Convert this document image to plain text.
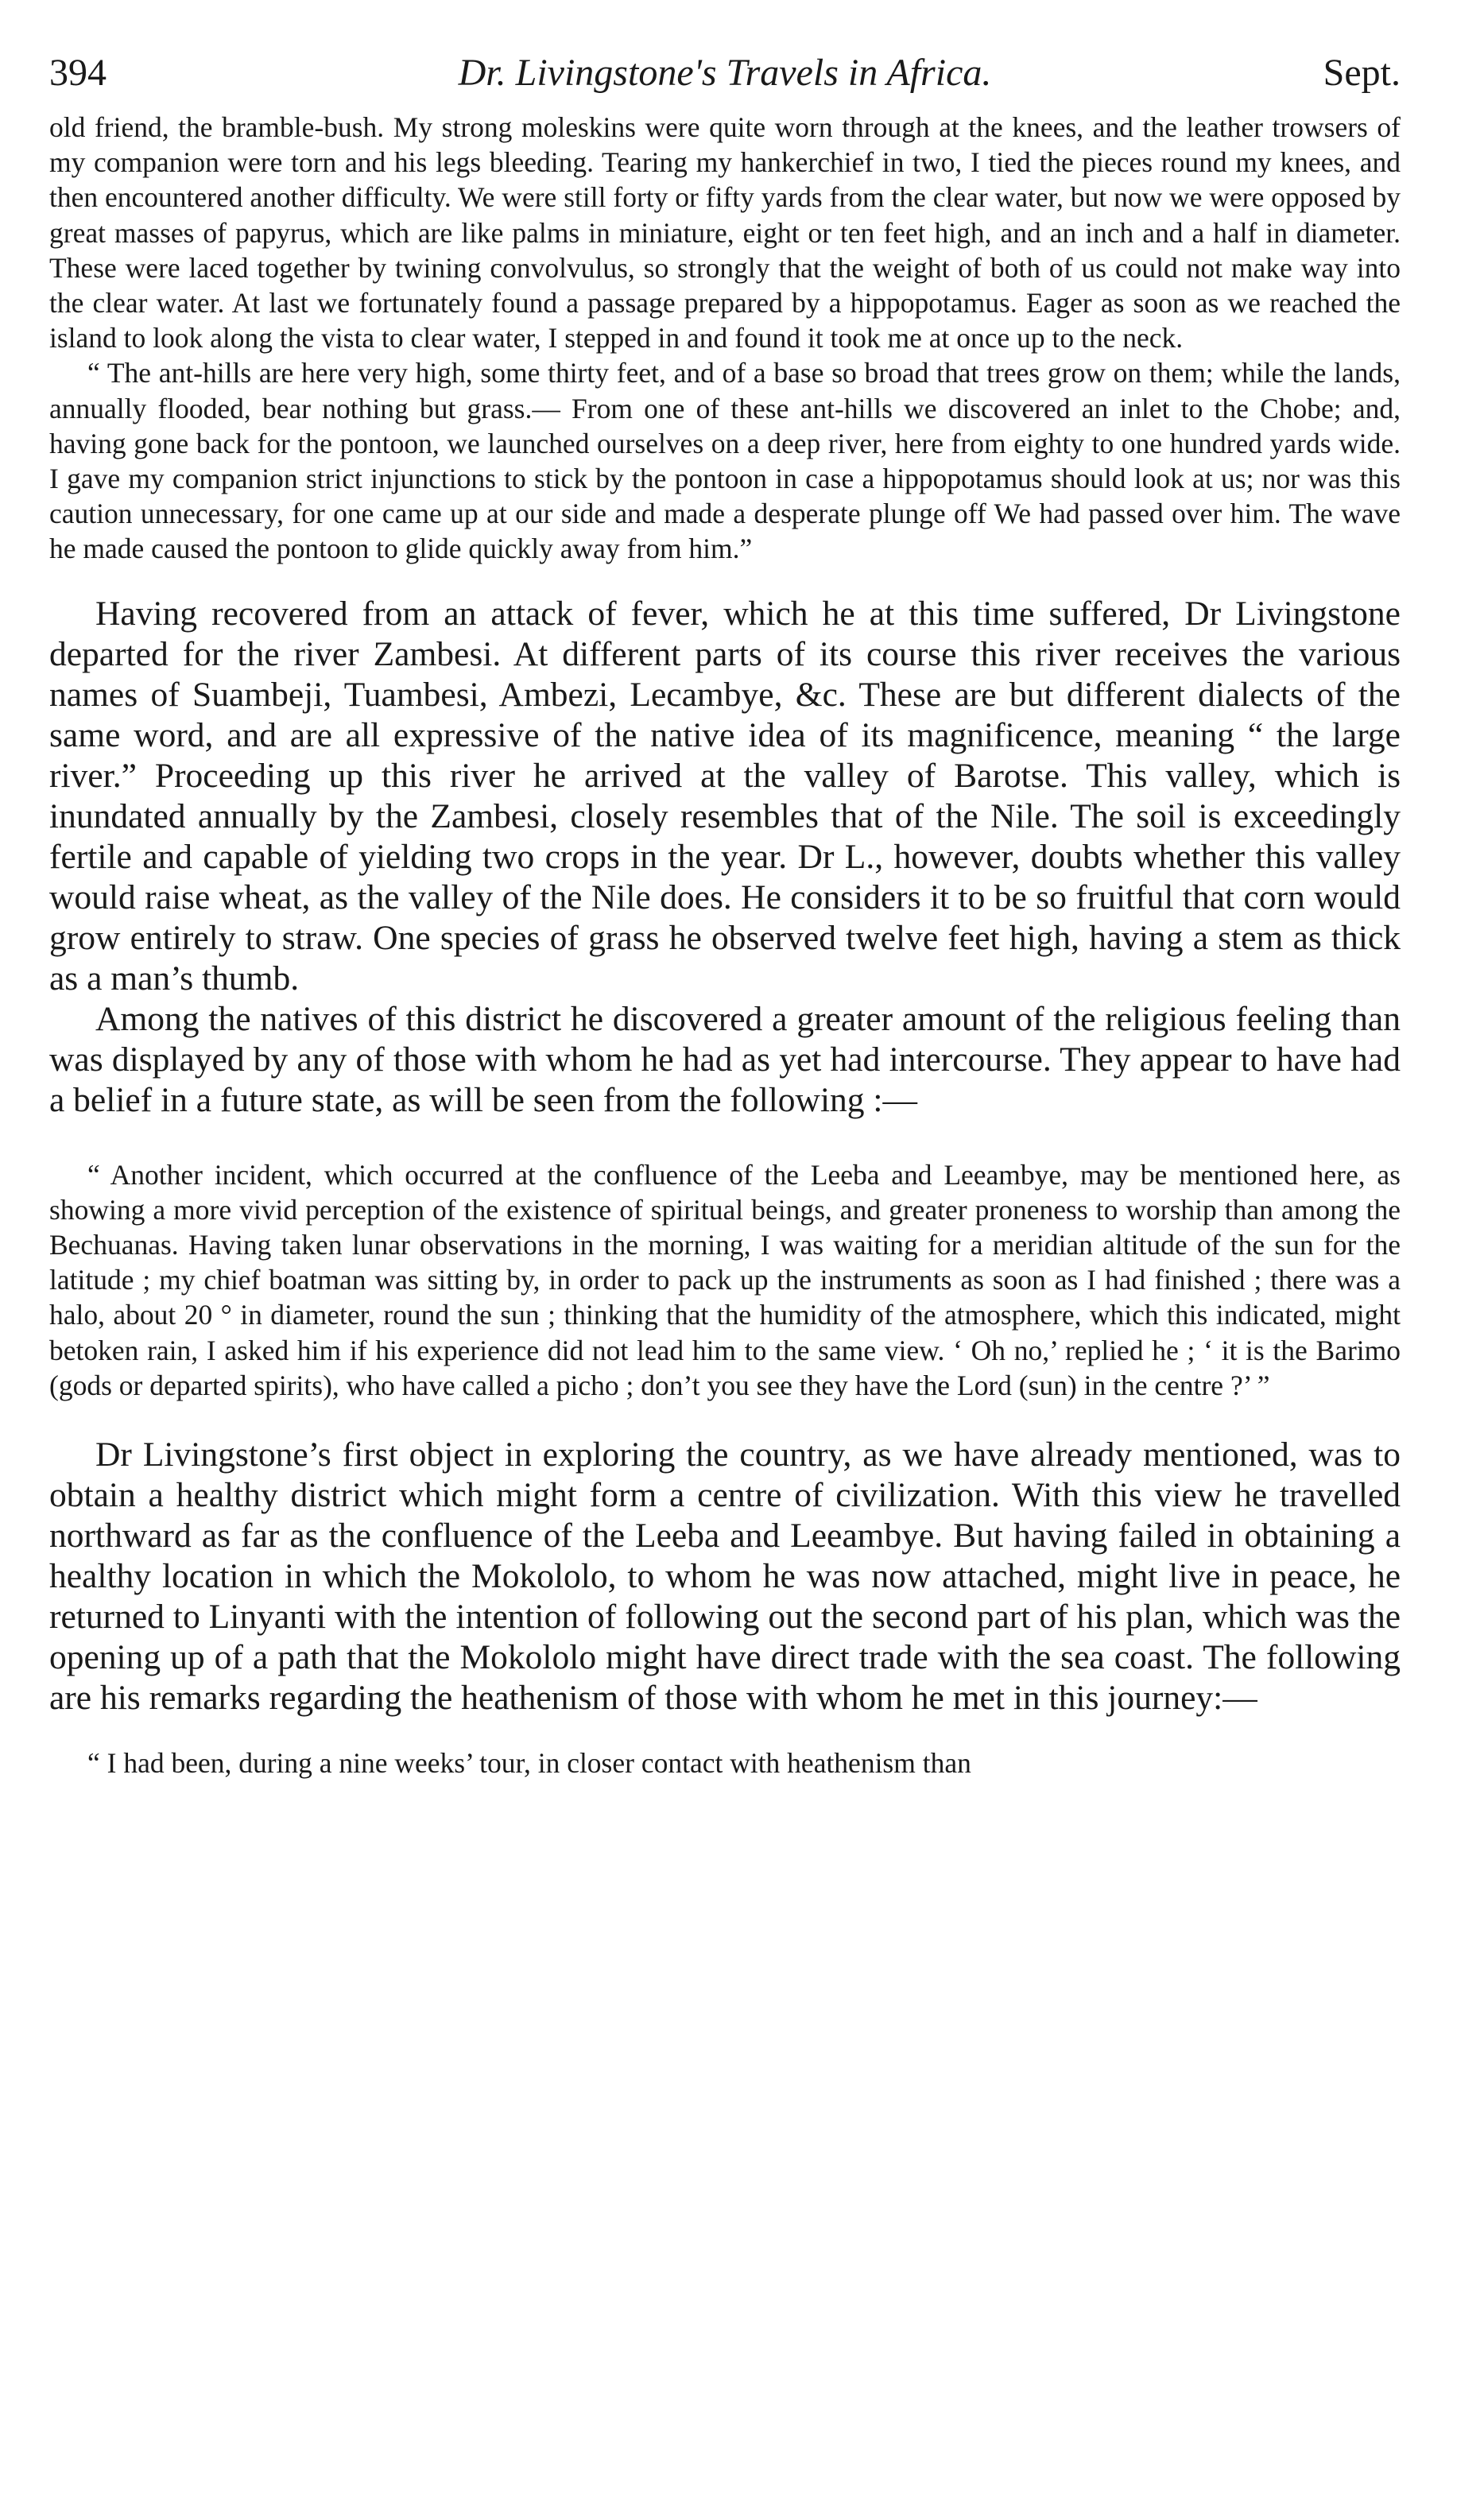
394	Dr. Livingstone's Travels in Africa.	Sept.

old friend, the bramble-bush. My strong moleskins were quite worn through at the knees, and the leather trowsers of my companion were torn and his legs bleeding. Tearing my hankerchief in two, I tied the pieces round my knees, and then encountered another difficulty. We were still forty or fifty yards from the clear water, but now we were opposed by great masses of papyrus, which are like palms in miniature, eight or ten feet high, and an inch and a half in diameter. These were laced together by twining convolvulus, so strongly that the weight of both of us could not make way into the clear water. At last we fortunately found a passage prepared by a hippopotamus. Eager as soon as we reached the island to look along the vista to clear water, I stepped in and found it took me at once up to the neck.

“ The ant-hills are here very high, some thirty feet, and of a base so broad that trees grow on them; while the lands, annually flooded, bear nothing but grass.— From one of these ant-hills we discovered an inlet to the Chobe; and, having gone back for the pontoon, we launched ourselves on a deep river, here from eighty to one hundred yards wide. I gave my companion strict injunctions to stick by the pontoon in case a hippopotamus should look at us; nor was this caution unnecessary, for one came up at our side and made a desperate plunge off We had passed over him. The wave he made caused the pontoon to glide quickly away from him.”

Having recovered from an attack of fever, which he at this time suffered, Dr Livingstone departed for the river Zambesi. At different parts of its course this river receives the various names of Suambeji, Tuambesi, Ambezi, Lecambye, &c. These are but different dialects of the same word, and are all expressive of the native idea of its magnificence, meaning “ the large river.” Proceeding up this river he arrived at the valley of Barotse. This valley, which is inundated annually by the Zambesi, closely resembles that of the Nile. The soil is exceedingly fertile and capable of yielding two crops in the year. Dr L., however, doubts whether this valley would raise wheat, as the valley of the Nile does. He considers it to be so fruitful that corn would grow entirely to straw. One species of grass he observed twelve feet high, having a stem as thick as a man’s thumb.

Among the natives of this district he discovered a greater amount of the religious feeling than was displayed by any of those with whom he had as yet had intercourse. They appear to have had a belief in a future state, as will be seen from the following :—

“ Another incident, which occurred at the confluence of the Leeba and Leeambye, may be mentioned here, as showing a more vivid perception of the existence of spiritual beings, and greater proneness to worship than among the Bechuanas. Having taken lunar observations in the morning, I was waiting for a meridian altitude of the sun for the latitude ; my chief boatman was sitting by, in order to pack up the instruments as soon as I had finished ; there was a halo, about 20 ° in diameter, round the sun ; thinking that the humidity of the atmosphere, which this indicated, might betoken rain, I asked him if his experience did not lead him to the same view. ‘ Oh no,’ replied he ; ‘ it is the Barimo (gods or departed spirits), who have called a picho ; don’t you see they have the Lord (sun) in the centre ?’ ”

Dr Livingstone’s first object in exploring the country, as we have already mentioned, was to obtain a healthy district which might form a centre of civilization. With this view he travelled northward as far as the confluence of the Leeba and Leeambye. But having failed in obtaining a healthy location in which the Mokololo, to whom he was now attached, might live in peace, he returned to Linyanti with the intention of following out the second part of his plan, which was the opening up of a path that the Mokololo might have direct trade with the sea coast. The following are his remarks regarding the heathenism of those with whom he met in this journey:—

“ I had been, during a nine weeks’ tour, in closer contact with heathenism than
